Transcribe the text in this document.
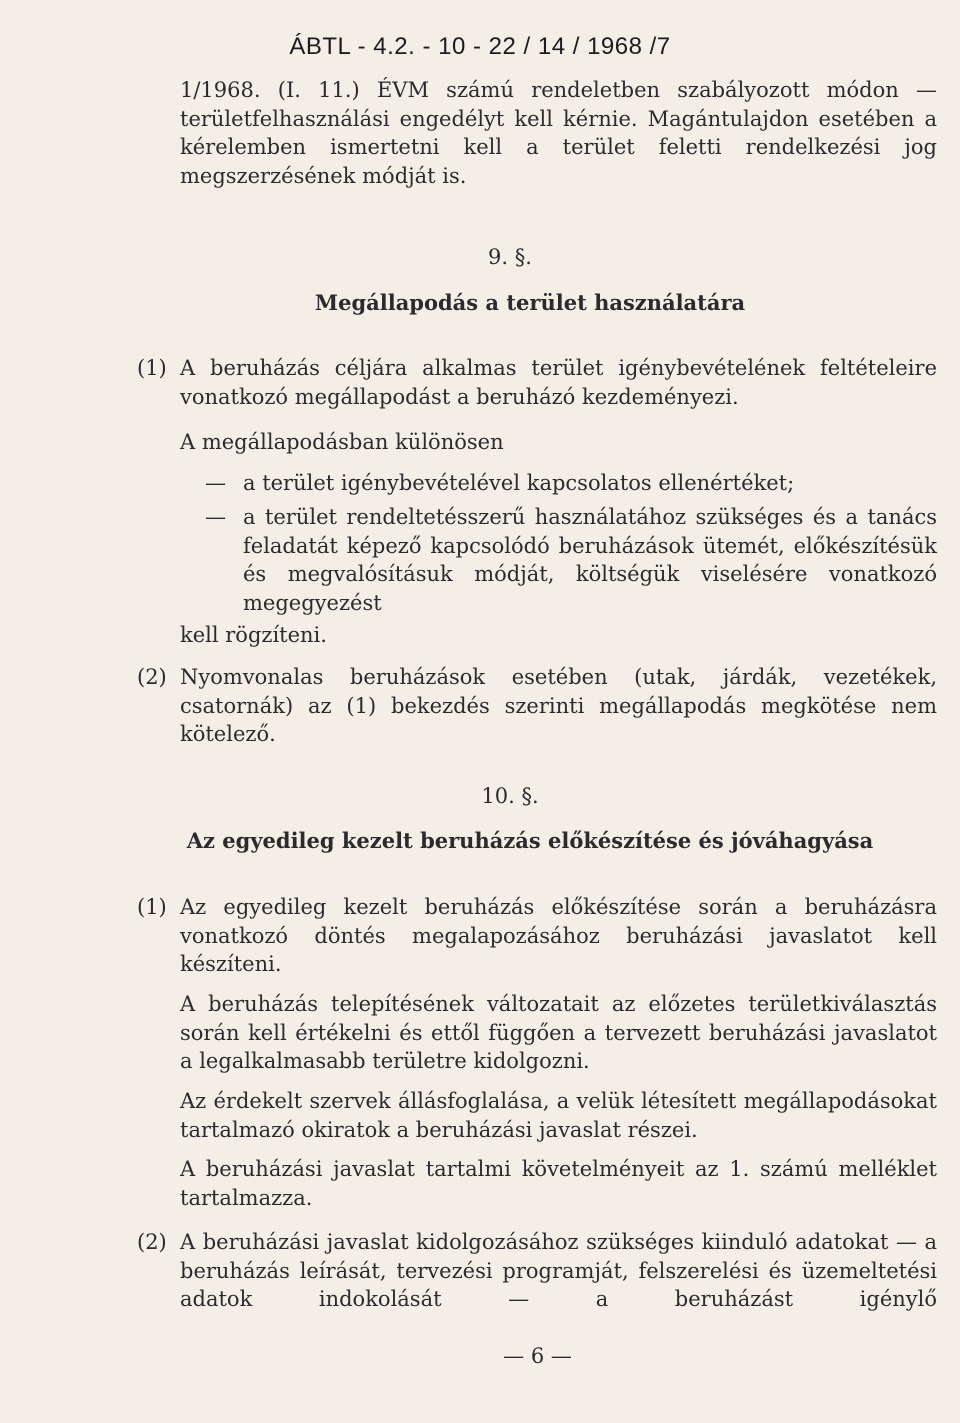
ÁBTL - 4.2. - 10 - 22 / 14 / 1968 /7

1/1968. (I. 11.) ÉVM számú rendeletben szabályozott módon — területfelhasználási engedélyt kell kérnie. Magántulajdon esetében a kérelemben ismertetni kell a terület feletti rendelkezési jog megszerzésének módját is.

9. §.
Megállapodás a terület használatára
(1) A beruházás céljára alkalmas terület igénybevételének feltételeire vonatkozó megállapodást a beruházó kezdeményezi.

A megállapodásban különösen

— a terület igénybevételével kapcsolatos ellenértéket;

— a terület rendeltetésszerű használatához szükséges és a tanács feladatát képező kapcsolódó beruházások ütemét, előkészítésük és megvalósításuk módját, költségük viselésére vonatkozó megegyezést

kell rögzíteni.

(2) Nyomvonalas beruházások esetében (utak, járdák, vezetékek, csatornák) az (1) bekezdés szerinti megállapodás megkötése nem kötelező.

10. §.
Az egyedileg kezelt beruházás előkészítése és jóváhagyása
(1) Az egyedileg kezelt beruházás előkészítése során a beruházásra vonatkozó döntés megalapozásához beruházási javaslatot kell készíteni.

A beruházás telepítésének változatait az előzetes területkiválasztás során kell értékelni és ettől függően a tervezett beruházási javaslatot a legalkalmasabb területre kidolgozni.

Az érdekelt szervek állásfoglalása, a velük létesített megállapodásokat tartalmazó okiratok a beruházási javaslat részei.

A beruházási javaslat tartalmi követelményeit az 1. számú melléklet tartalmazza.

(2) A beruházási javaslat kidolgozásához szükséges kiinduló adatokat — a beruházás leírását, tervezési programját, felszerelési és üzemeltetési adatok indokolását — a beruházást igénylő

— 6 —
